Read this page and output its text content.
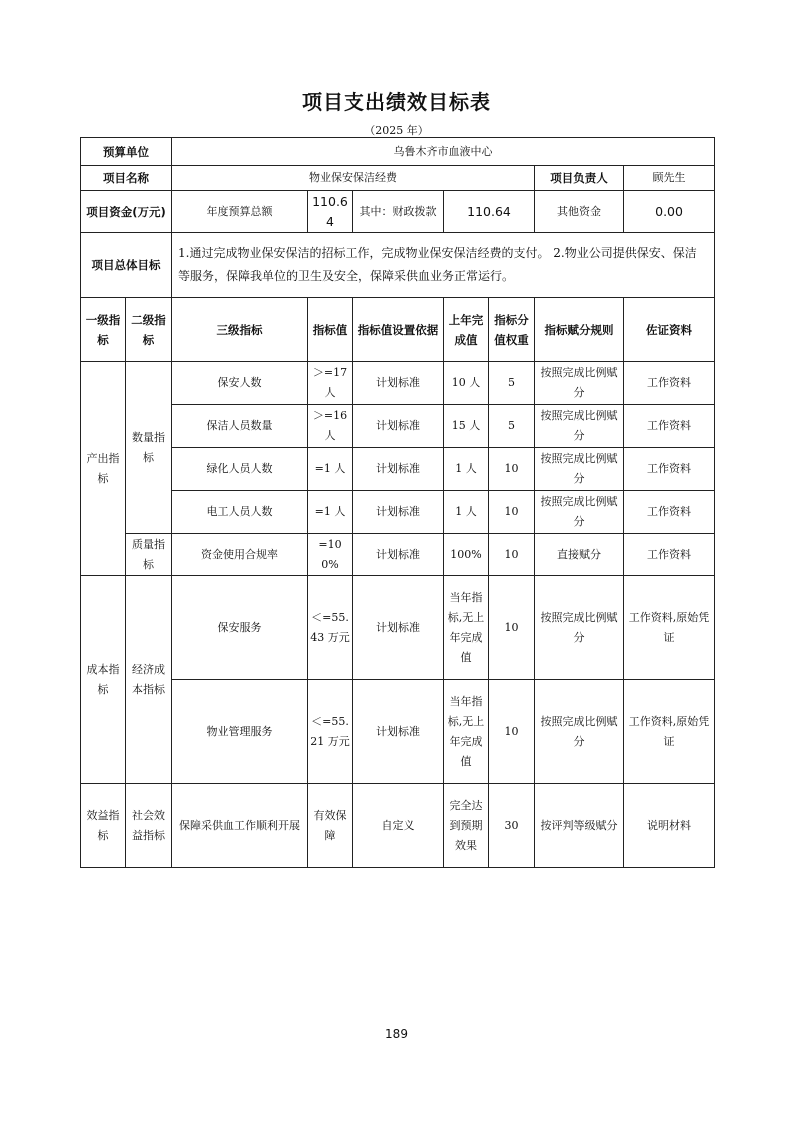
项目支出绩效目标表
（2025 年）
预算单位		乌鲁木齐市血液中心						
项目名称		物业保安保洁经费					项目负责人	顾先生
项目资金(万元)		年度预算总额	110.64	其中：财政拨款	110.64		其他资金	0.00
项目总体目标		1.通过完成物业保安保洁的招标工作，完成物业保安保洁经费的支付。 2.物业公司提供保安、保洁等服务，保障我单位的卫生及安全，保障采供血业务正常运行。						
一级指标	二级指标	三级指标	指标值	指标值设置依据	上年完成值	指标分值权重	指标赋分规则	佐证资料
产出指标	数量指标	保安人数	＞=17 人	计划标准	10 人	5	按照完成比例赋分	工作资料
		保洁人员数量	＞=16 人	计划标准	15 人	5	按照完成比例赋分	工作资料
		绿化人员人数	=1 人	计划标准	1 人	10	按照完成比例赋分	工作资料
		电工人员人数	=1 人	计划标准	1 人	10	按照完成比例赋分	工作资料
	质量指标	资金使用合规率	=100%	计划标准	100%	10	直接赋分	工作资料
成本指标	经济成本指标	保安服务	＜=55.43 万元	计划标准	当年指标,无上年完成值	10	按照完成比例赋分	工作资料,原始凭证
		物业管理服务	＜=55.21 万元	计划标准	当年指标,无上年完成值	10	按照完成比例赋分	工作资料,原始凭证
效益指标	社会效益指标	保障采供血工作顺利开展	有效保障	自定义	完全达到预期效果	30	按评判等级赋分	说明材料
189
